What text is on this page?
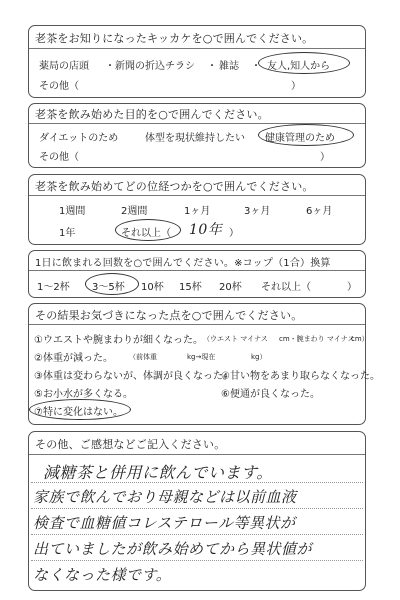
老茶をお知りになったキッカケを○で囲んでください。
薬局の店頭 ・ 新聞の折込チラシ ・ 雑誌 ・ 友人,知人から
その他（	）
老茶を飲み始めた目的を○で囲んでください。
ダイエットのため	体型を現状維持したい 健康管理のため
その他（	）
老茶を飲み始めてどの位経つかを○で囲んでください。
1週間	2週間	1ヶ月	3ヶ月	6ヶ月
1年	それ以上（ 10年 ）
1日に飲まれる回数を○で囲んでください。※コップ（1合）換算
1〜2杯 3〜5杯 10杯 15杯 20杯 それ以上（	）
その結果お気づきになった点を○で囲んでください。
①ウエストや腕まわりが細くなった。 （ウエスト マイナス cm・腕まわり マイナス
cm）
②体重が減った。 （前体重	kg→現在	kg）
③体重は変わらないが、体調が良くなった。
④甘い物をあまり取らなくなった。
⑤お小水が多くなる。	⑥便通が良くなった。
⑦特に変化はない。
その他、ご感想などご記入ください。
減糖茶と併用に飲んでいます。
家族で飲んでおり母親などは以前血液
検査で血糖値コレステロール等異状が
出ていましたが飲み始めてから異状値が
なくなった様です。
